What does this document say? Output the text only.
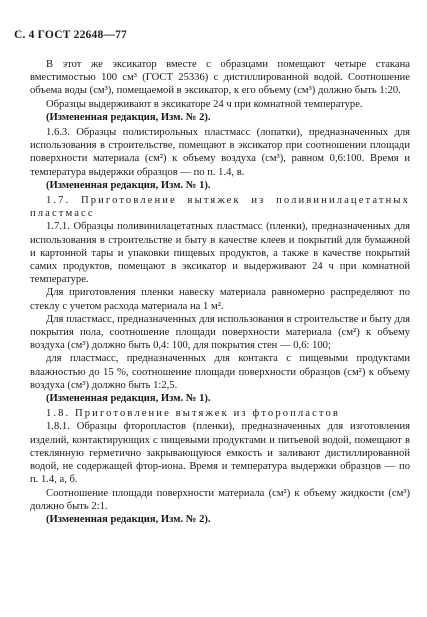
С. 4 ГОСТ 22648—77

В этот же эксикатор вместе с образцами помещают четыре стакана вместимостью 100 см³ (ГОСТ 25336) с дистиллированной водой. Соотношение объема воды (см³), помещаемой в эксикатор, к его объему (см³) должно быть 1:20.

Образцы выдерживают в эксикаторе 24 ч при комнатной температуре.

(Измененная редакция, Изм. № 2).

1.6.3. Образцы полистирольных пластмасс (лопатки), предназначенных для использования в строительстве, помещают в эксикатор при соотношении площади поверхности материала (см²) к объему воздуха (см³), равном 0,6:100. Время и температура выдержки образцов — по п. 1.4, в.

(Измененная редакция, Изм. № 1).

1.7. Приготовление вытяжек из поливинилацетатных пластмасс

1.7.1. Образцы поливинилацетатных пластмасс (пленки), предназначенных для использования в строительстве и быту в качестве клеев и покрытий для бумажной и картонной тары и упаковки пищевых продуктов, а также в качестве покрытий самих продуктов, помещают в эксикатор и выдерживают 24 ч при комнатной температуре.

Для приготовления пленки навеску материала равномерно распределяют по стеклу с учетом расхода материала на 1 м².

Для пластмасс, предназначенных для использования в строительстве и быту для покрытия пола, соотношение площади поверхности материала (см²) к объему воздуха (см³) должно быть 0,4: 100, для покрытия стен — 0,6: 100;

для пластмасс, предназначенных для контакта с пищевыми продуктами влажностью до 15 %, соотношение площади поверхности образцов (см²) к объему воздуха (см³) должно быть 1:2,5.

(Измененная редакция, Изм. № 1).

1.8. Приготовление вытяжек из фторопластов

1.8.1. Образцы фторопластов (пленки), предназначенных для изготовления изделий, контактирующих с пищевыми продуктами и питьевой водой, помещают в стеклянную герметично закрывающуюся емкость и заливают дистиллированной водой, не содержащей фтор-иона. Время и температура выдержки образцов — по п. 1.4, а, б.

Соотношение площади поверхности материала (см²) к объему жидкости (см³) должно быть 2:1.

(Измененная редакция, Изм. № 2).
